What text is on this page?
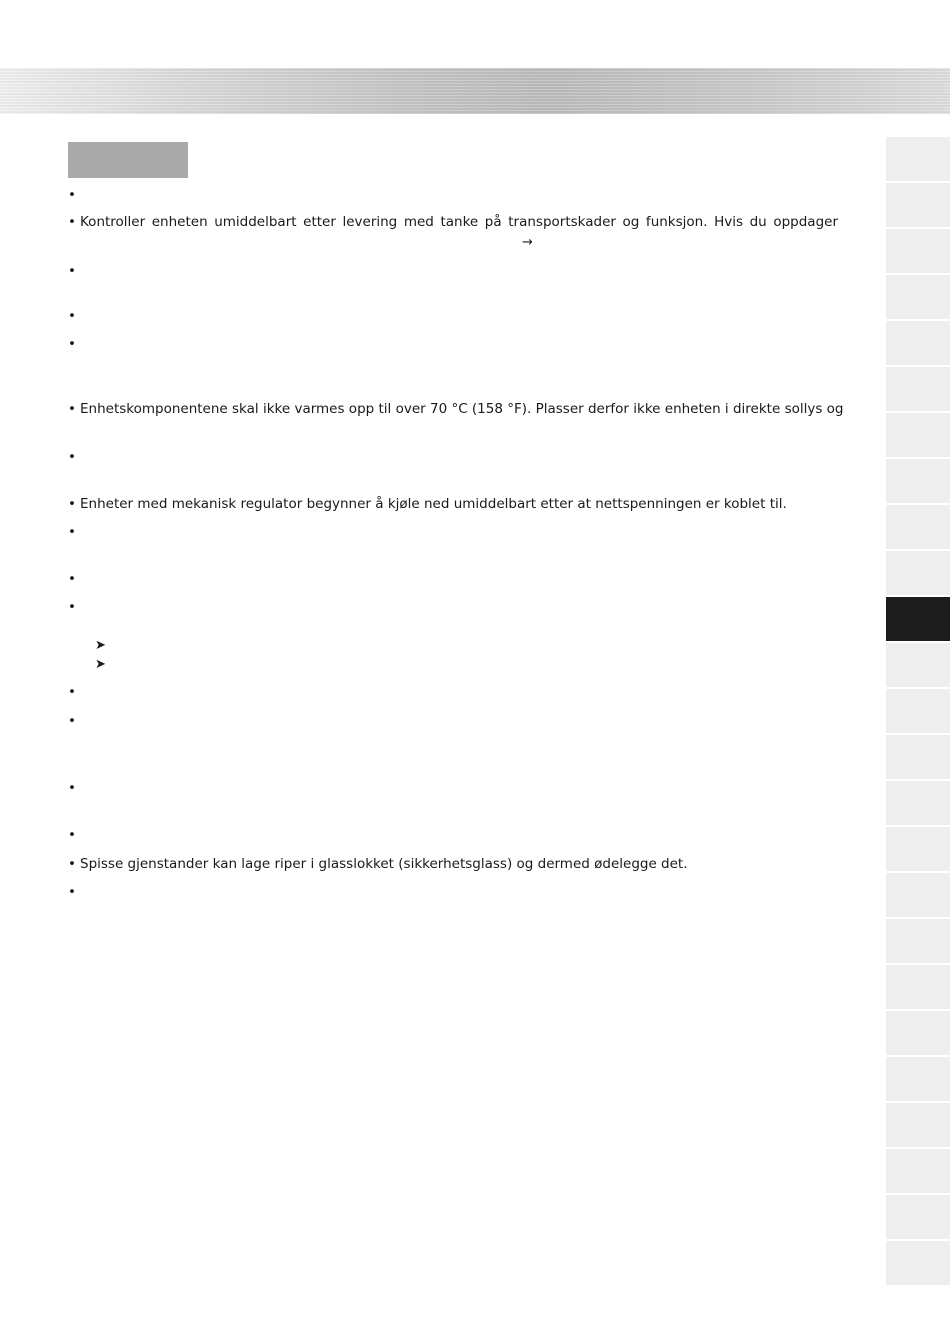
•
• Kontroller enheten umiddelbart etter levering med tanke på transportskader og funksjon. Hvis du oppdager
→
•
•
•
• Enhetskomponentene skal ikke varmes opp til over 70 °C (158 °F). Plasser derfor ikke enheten i direkte sollys og
•
• Enheter med mekanisk regulator begynner å kjøle ned umiddelbart etter at nettspenningen er koblet til.
•
•
•
➤
➤
•
•
•
•
• Spisse gjenstander kan lage riper i glasslokket (sikkerhetsglass) og dermed ødelegge det.
•
